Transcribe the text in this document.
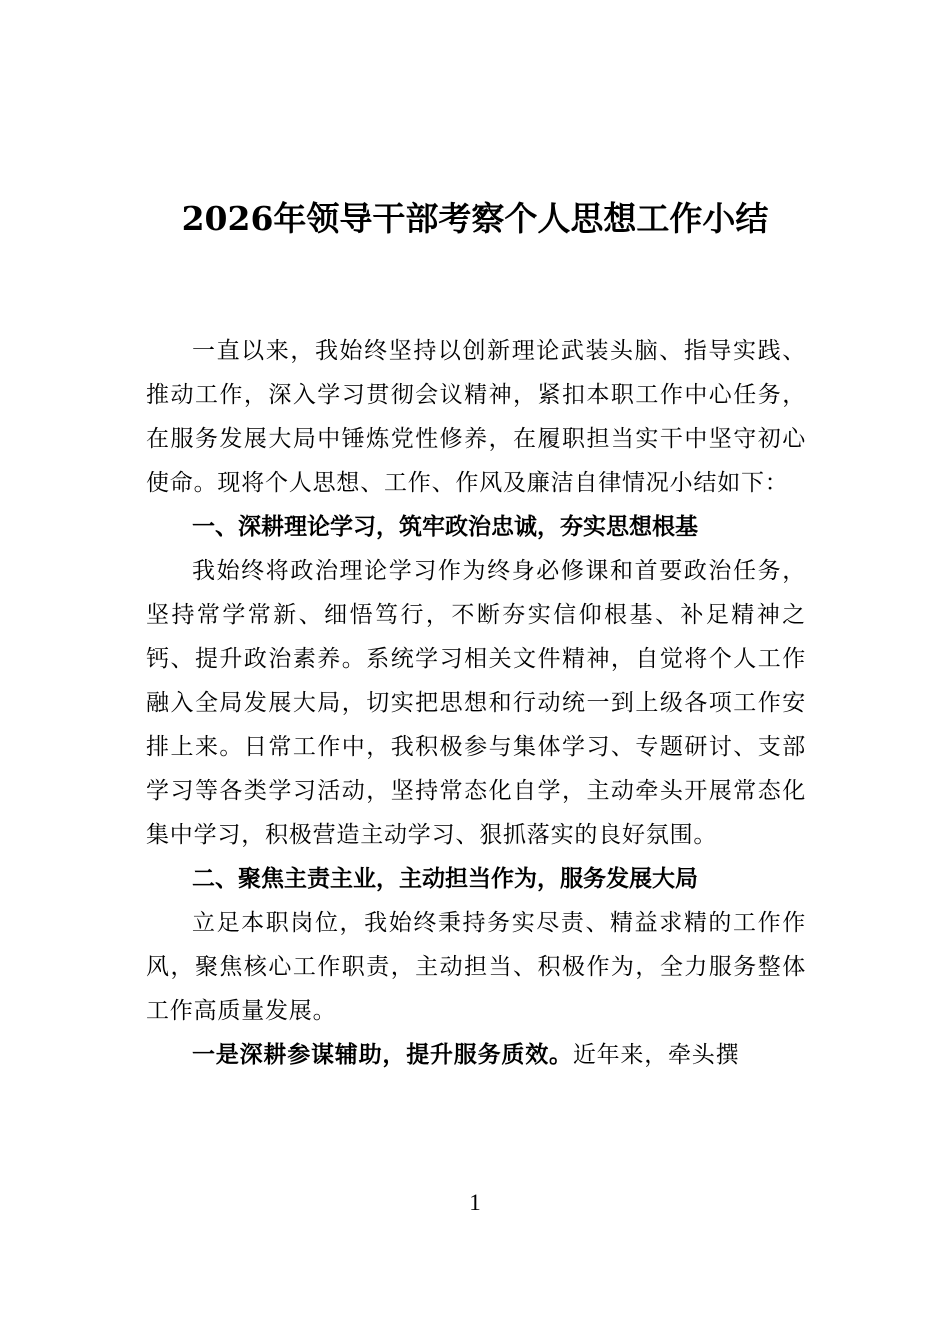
2026年领导干部考察个人思想工作小结

一直以来，我始终坚持以创新理论武装头脑、指导实践、推动工作，深入学习贯彻会议精神，紧扣本职工作中心任务，在服务发展大局中锤炼党性修养，在履职担当实干中坚守初心使命。现将个人思想、工作、作风及廉洁自律情况小结如下：

一、深耕理论学习，筑牢政治忠诚，夯实思想根基

我始终将政治理论学习作为终身必修课和首要政治任务，坚持常学常新、细悟笃行，不断夯实信仰根基、补足精神之钙、提升政治素养。系统学习相关文件精神，自觉将个人工作融入全局发展大局，切实把思想和行动统一到上级各项工作安排上来。日常工作中，我积极参与集体学习、专题研讨、支部学习等各类学习活动，坚持常态化自学，主动牵头开展常态化集中学习，积极营造主动学习、狠抓落实的良好氛围。

二、聚焦主责主业，主动担当作为，服务发展大局

立足本职岗位，我始终秉持务实尽责、精益求精的工作作风，聚焦核心工作职责，主动担当、积极作为，全力服务整体工作高质量发展。

一是深耕参谋辅助，提升服务质效。近年来，牵头撰

1
